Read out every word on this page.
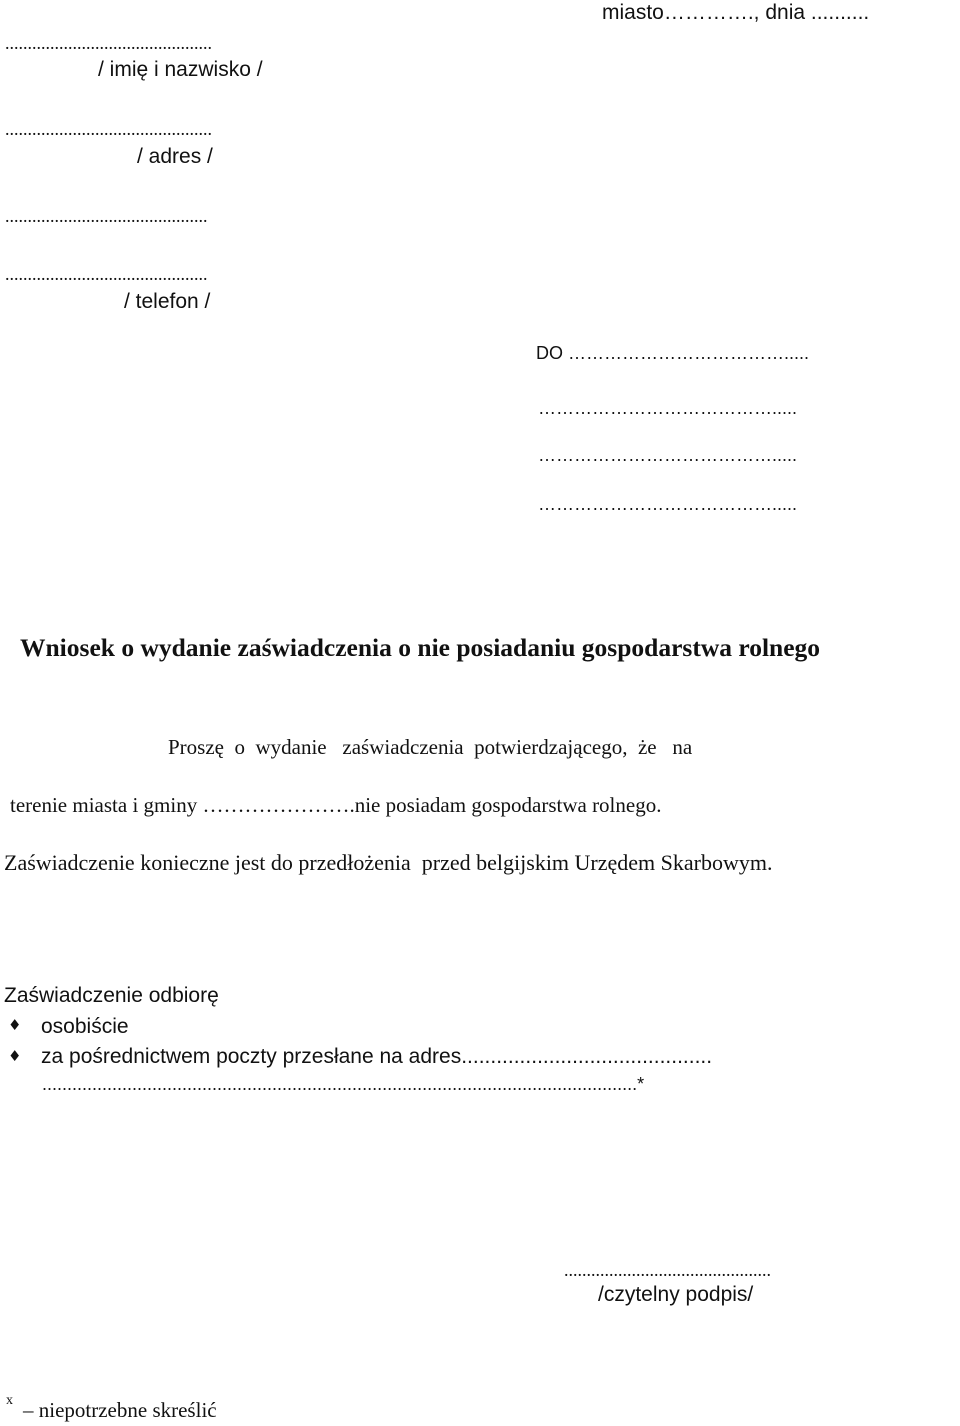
miasto…………., dnia ..........
..............................................
/ imię i nazwisko /
..............................................
/ adres /
.............................................
.............................................
/ telefon /
DO ……………………………….....
………………………………….....
………………………………….....
………………………………….....
Wniosek o wydanie zaświadczenia o nie posiadaniu gospodarstwa rolnego
Proszę  o  wydanie   zaświadczenia  potwierdzającego,  że   na
terenie miasta i gminy ………………….nie posiadam gospodarstwa rolnego.
Zaświadczenie konieczne jest do przedłożenia  przed belgijskim Urzędem Skarbowym.
Zaświadczenie odbiorę
♦ osobiście
♦ za pośrednictwem poczty przesłane na adres...........................................
.......................................................................................................................*
..............................................
/czytelny podpis/
x – niepotrzebne skreślić
